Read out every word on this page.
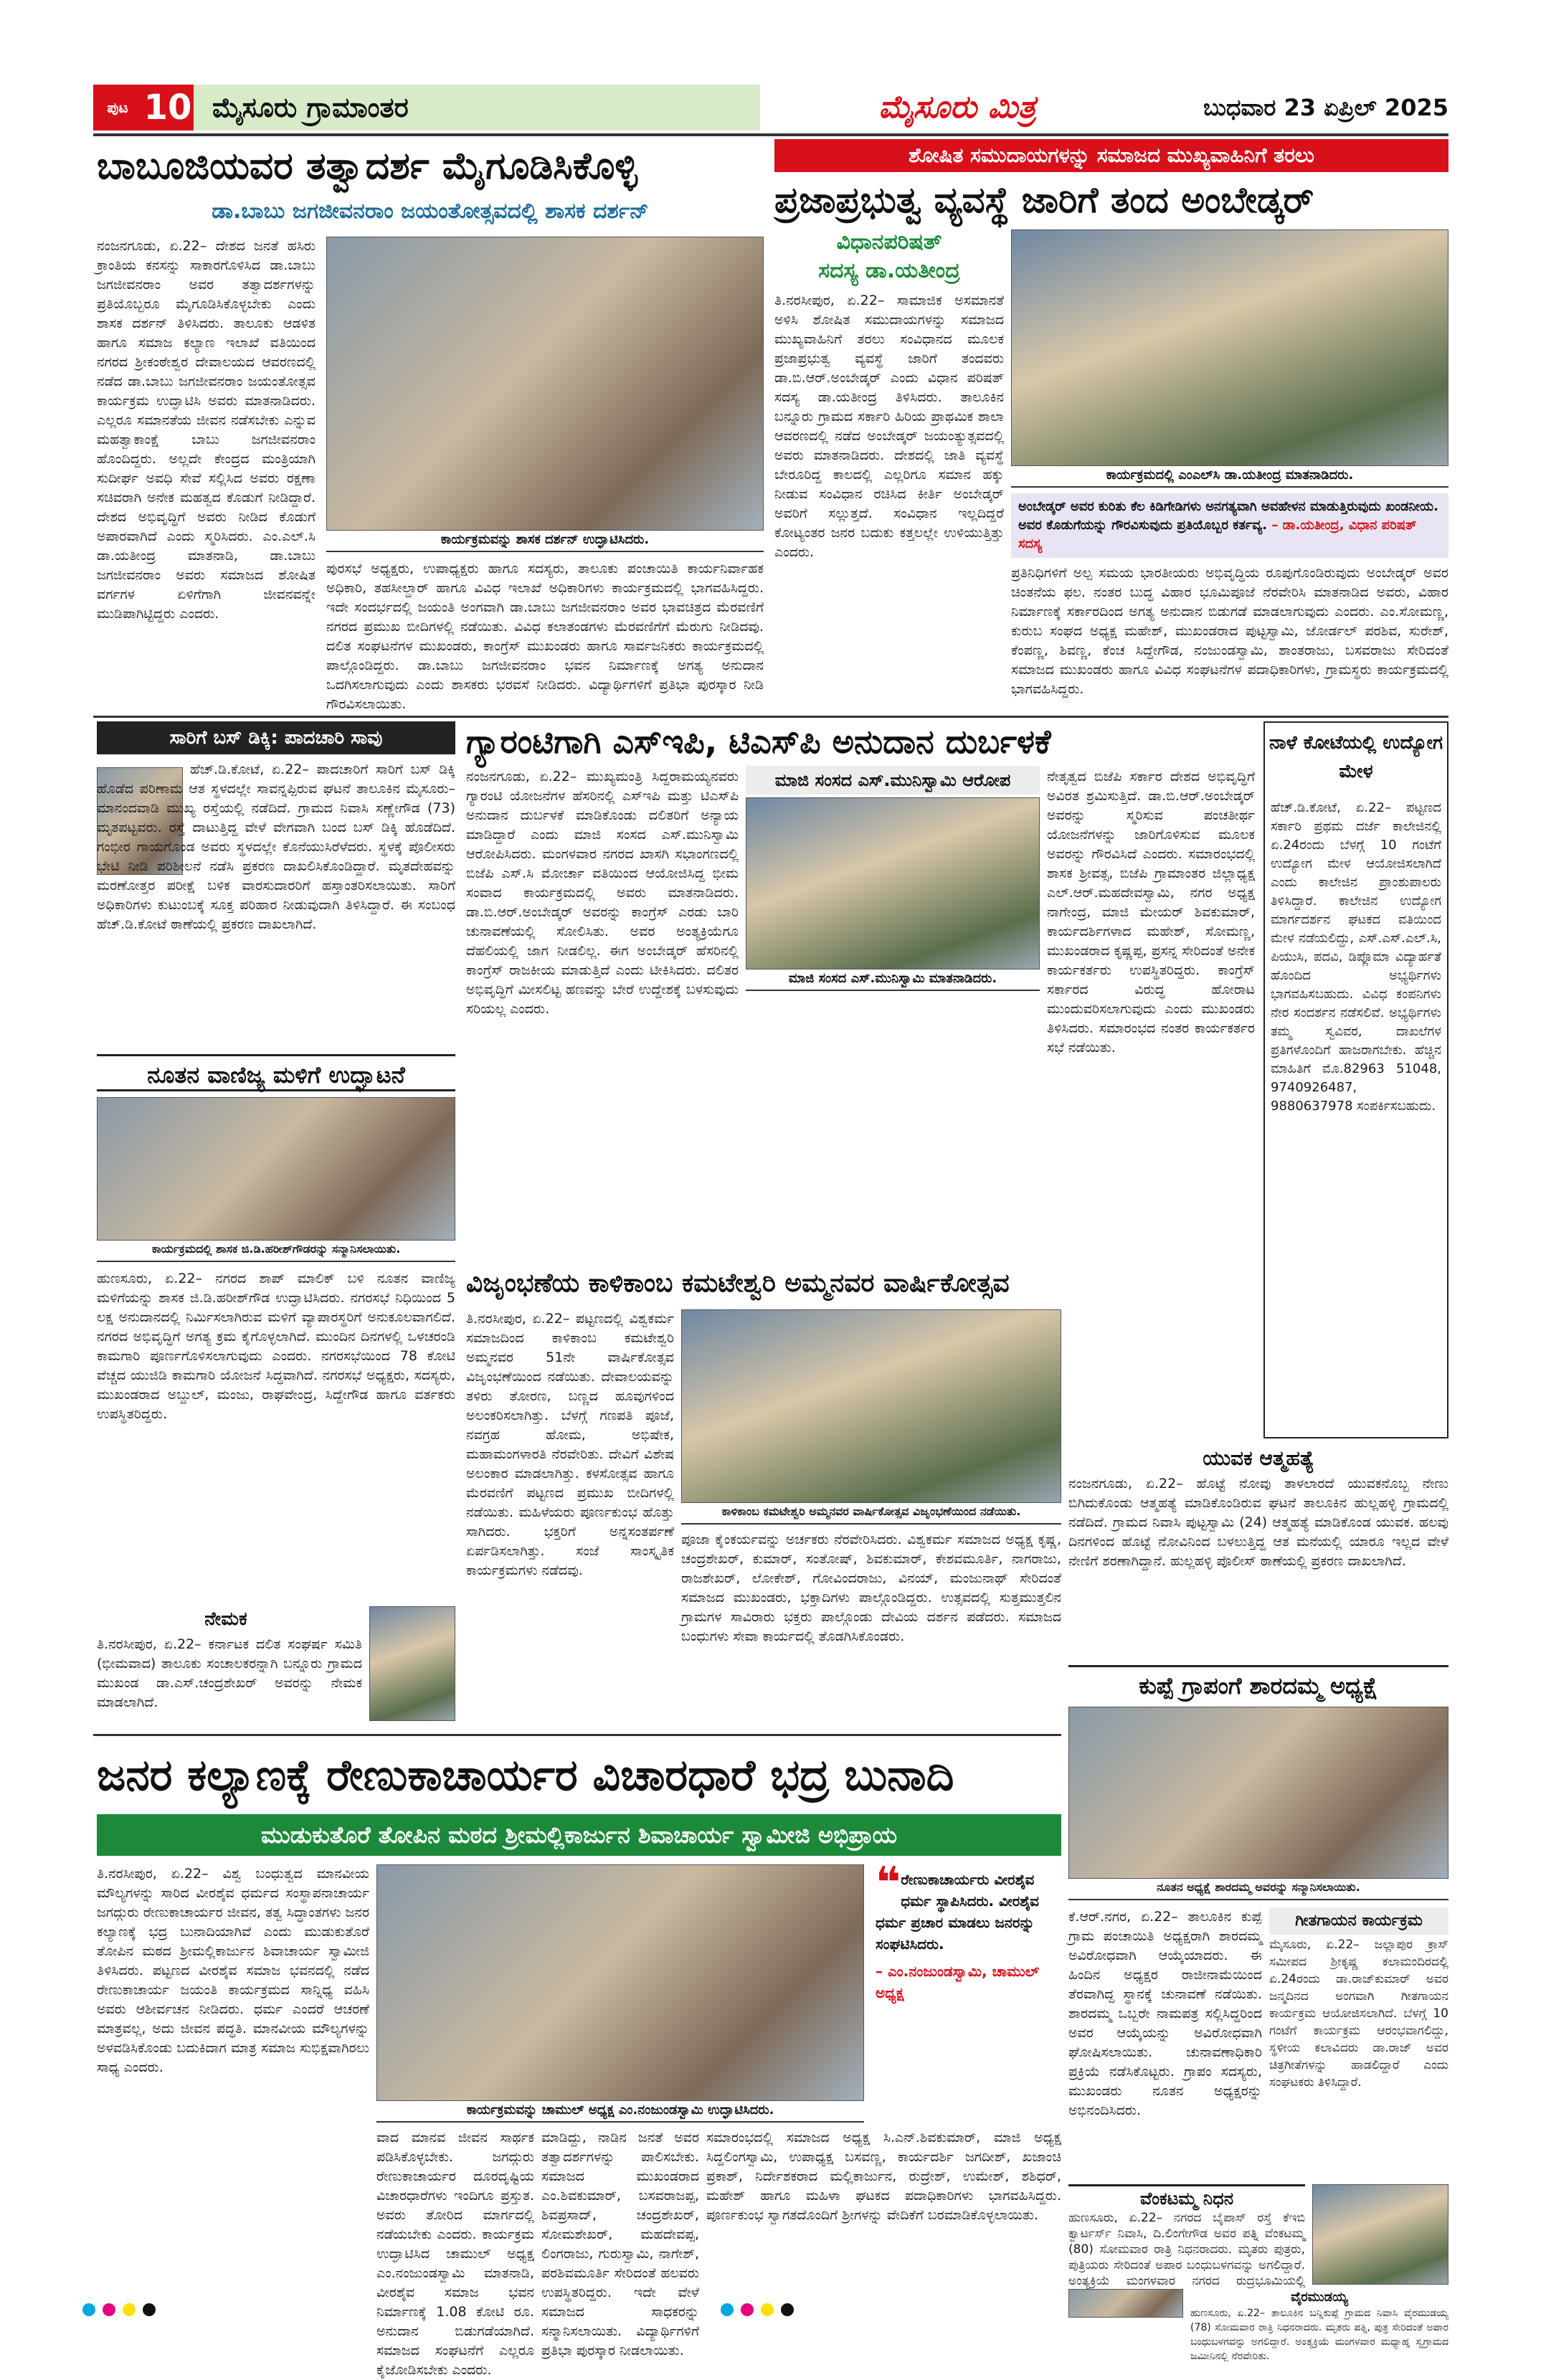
ಪುಟ 10 ಮೈಸೂರು ಗ್ರಾಮಾಂತರ	ಮೈಸೂರು ಮಿತ್ರ	ಬುಧವಾರ 23 ಏಪ್ರಿಲ್ 2025
ಬಾಬೂಜಿಯವರ ತತ್ವಾದರ್ಶ ಮೈಗೂಡಿಸಿಕೊಳ್ಳಿ
ಡಾ.ಬಾಬು ಜಗಜೀವನರಾಂ ಜಯಂತೋತ್ಸವದಲ್ಲಿ ಶಾಸಕ ದರ್ಶನ್
ನಂಜನಗೂಡು, ಏ.22– ದೇಶದ ಜನತೆ ಹಸಿರು ಕ್ರಾಂತಿಯ ಕನಸನ್ನು ಸಾಕಾರಗೊಳಿಸಿದ ಡಾ.ಬಾಬು ಜಗಜೀವನರಾಂ ಅವರ ತತ್ವಾದರ್ಶಗಳನ್ನು ಪ್ರತಿಯೊಬ್ಬರೂ ಮೈಗೂಡಿಸಿಕೊಳ್ಳಬೇಕು ಎಂದು ಶಾಸಕ ದರ್ಶನ್ ತಿಳಿಸಿದರು. ತಾಲೂಕು ಆಡಳಿತ ಹಾಗೂ ಸಮಾಜ ಕಲ್ಯಾಣ ಇಲಾಖೆ ವತಿಯಿಂದ ನಗರದ ಶ್ರೀಕಂಠೇಶ್ವರ ದೇವಾಲಯದ ಆವರಣದಲ್ಲಿ ನಡೆದ ಡಾ.ಬಾಬು ಜಗಜೀವನರಾಂ ಜಯಂತೋತ್ಸವ ಕಾರ್ಯಕ್ರಮ ಉದ್ಘಾಟಿಸಿ ಅವರು ಮಾತನಾಡಿದರು. ಎಲ್ಲರೂ ಸಮಾನತೆಯ ಜೀವನ ನಡೆಸಬೇಕು ಎನ್ನುವ ಮಹತ್ವಾಕಾಂಕ್ಷೆ ಬಾಬು ಜಗಜೀವನರಾಂ ಹೊಂದಿದ್ದರು. ಅಲ್ಲದೇ ಕೇಂದ್ರದ ಮಂತ್ರಿಯಾಗಿ ಸುದೀರ್ಘ ಅವಧಿ ಸೇವೆ ಸಲ್ಲಿಸಿದ ಅವರು ರಕ್ಷಣಾ ಸಚಿವರಾಗಿ ಅನೇಕ ಮಹತ್ವದ ಕೊಡುಗೆ ನೀಡಿದ್ದಾರೆ. ದೇಶದ ಅಭಿವೃದ್ಧಿಗೆ ಅವರು ನೀಡಿದ ಕೊಡುಗೆ ಅಪಾರವಾಗಿದೆ ಎಂದು ಸ್ಮರಿಸಿದರು. ಎಂ.ಎಲ್.ಸಿ ಡಾ.ಯತೀಂದ್ರ ಮಾತನಾಡಿ, ಡಾ.ಬಾಬು ಜಗಜೀವನರಾಂ ಅವರು ಸಮಾಜದ ಶೋಷಿತ ವರ್ಗಗಳ ಏಳಿಗೆಗಾಗಿ ಜೀವನವನ್ನೇ ಮುಡಿಪಾಗಿಟ್ಟಿದ್ದರು ಎಂದರು.
ಕಾರ್ಯಕ್ರಮವನ್ನು ಶಾಸಕ ದರ್ಶನ್ ಉದ್ಘಾಟಿಸಿದರು.
ಪುರಸಭೆ ಅಧ್ಯಕ್ಷರು, ಉಪಾಧ್ಯಕ್ಷರು ಹಾಗೂ ಸದಸ್ಯರು, ತಾಲೂಕು ಪಂಚಾಯಿತಿ ಕಾರ್ಯನಿರ್ವಾಹಕ ಅಧಿಕಾರಿ, ತಹಸೀಲ್ದಾರ್ ಹಾಗೂ ವಿವಿಧ ಇಲಾಖೆ ಅಧಿಕಾರಿಗಳು ಕಾರ್ಯಕ್ರಮದಲ್ಲಿ ಭಾಗವಹಿಸಿದ್ದರು. ಇದೇ ಸಂದರ್ಭದಲ್ಲಿ ಜಯಂತಿ ಅಂಗವಾಗಿ ಡಾ.ಬಾಬು ಜಗಜೀವನರಾಂ ಅವರ ಭಾವಚಿತ್ರದ ಮೆರವಣಿಗೆ ನಗರದ ಪ್ರಮುಖ ಬೀದಿಗಳಲ್ಲಿ ನಡೆಯಿತು. ವಿವಿಧ ಕಲಾತಂಡಗಳು ಮೆರವಣಿಗೆಗೆ ಮೆರುಗು ನೀಡಿದವು. ದಲಿತ ಸಂಘಟನೆಗಳ ಮುಖಂಡರು, ಕಾಂಗ್ರೆಸ್ ಮುಖಂಡರು ಹಾಗೂ ಸಾರ್ವಜನಿಕರು ಕಾರ್ಯಕ್ರಮದಲ್ಲಿ ಪಾಲ್ಗೊಂಡಿದ್ದರು. ಡಾ.ಬಾಬು ಜಗಜೀವನರಾಂ ಭವನ ನಿರ್ಮಾಣಕ್ಕೆ ಅಗತ್ಯ ಅನುದಾನ ಒದಗಿಸಲಾಗುವುದು ಎಂದು ಶಾಸಕರು ಭರವಸೆ ನೀಡಿದರು. ವಿದ್ಯಾರ್ಥಿಗಳಿಗೆ ಪ್ರತಿಭಾ ಪುರಸ್ಕಾರ ನೀಡಿ ಗೌರವಿಸಲಾಯಿತು.
ಶೋಷಿತ ಸಮುದಾಯಗಳನ್ನು ಸಮಾಜದ ಮುಖ್ಯವಾಹಿನಿಗೆ ತರಲು
ಪ್ರಜಾಪ್ರಭುತ್ವ ವ್ಯವಸ್ಥೆ ಜಾರಿಗೆ ತಂದ ಅಂಬೇಡ್ಕರ್
ವಿಧಾನಪರಿಷತ್
ಸದಸ್ಯ ಡಾ.ಯತೀಂದ್ರ
ಕಾರ್ಯಕ್ರಮದಲ್ಲಿ ಎಂಎಲ್‌ಸಿ ಡಾ.ಯತೀಂದ್ರ ಮಾತನಾಡಿದರು.
ತಿ.ನರಸೀಪುರ, ಏ.22– ಸಾಮಾಜಿಕ ಅಸಮಾನತೆ ಅಳಿಸಿ ಶೋಷಿತ ಸಮುದಾಯಗಳನ್ನು ಸಮಾಜದ ಮುಖ್ಯವಾಹಿನಿಗೆ ತರಲು ಸಂವಿಧಾನದ ಮೂಲಕ ಪ್ರಜಾಪ್ರಭುತ್ವ ವ್ಯವಸ್ಥೆ ಜಾರಿಗೆ ತಂದವರು ಡಾ.ಬಿ.ಆರ್.ಅಂಬೇಡ್ಕರ್ ಎಂದು ವಿಧಾನ ಪರಿಷತ್ ಸದಸ್ಯ ಡಾ.ಯತೀಂದ್ರ ತಿಳಿಸಿದರು. ತಾಲೂಕಿನ ಬನ್ನೂರು ಗ್ರಾಮದ ಸರ್ಕಾರಿ ಹಿರಿಯ ಪ್ರಾಥಮಿಕ ಶಾಲಾ ಆವರಣದಲ್ಲಿ ನಡೆದ ಅಂಬೇಡ್ಕರ್ ಜಯಂತ್ಯುತ್ಸವದಲ್ಲಿ ಅವರು ಮಾತನಾಡಿದರು. ದೇಶದಲ್ಲಿ ಜಾತಿ ವ್ಯವಸ್ಥೆ ಬೇರೂರಿದ್ದ ಕಾಲದಲ್ಲಿ ಎಲ್ಲರಿಗೂ ಸಮಾನ ಹಕ್ಕು ನೀಡುವ ಸಂವಿಧಾನ ರಚಿಸಿದ ಕೀರ್ತಿ ಅಂಬೇಡ್ಕರ್ ಅವರಿಗೆ ಸಲ್ಲುತ್ತದೆ. ಸಂವಿಧಾನ ಇಲ್ಲದಿದ್ದರೆ ಕೋಟ್ಯಂತರ ಜನರ ಬದುಕು ಕತ್ತಲಲ್ಲೇ ಉಳಿಯುತ್ತಿತ್ತು ಎಂದರು.
ಅಂಬೇಡ್ಕರ್ ಅವರ ಕುರಿತು ಕೆಲ ಕಿಡಿಗೇಡಿಗಳು ಅನಗತ್ಯವಾಗಿ ಅವಹೇಳನ ಮಾಡುತ್ತಿರುವುದು ಖಂಡನೀಯ. ಅವರ ಕೊಡುಗೆಯನ್ನು ಗೌರವಿಸುವುದು ಪ್ರತಿಯೊಬ್ಬರ ಕರ್ತವ್ಯ. – ಡಾ.ಯತೀಂದ್ರ, ವಿಧಾನ ಪರಿಷತ್ ಸದಸ್ಯ
ಪ್ರತಿನಿಧಿಗಳಿಗೆ ಅಲ್ಪ ಸಮಯ ಭಾರತೀಯರು ಅಭಿವೃದ್ಧಿಯ ರೂಪುಗೊಂಡಿರುವುದು ಅಂಬೇಡ್ಕರ್ ಅವರ ಚಿಂತನೆಯ ಫಲ. ನಂತರ ಬುದ್ಧ ವಿಹಾರ ಭೂಮಿಪೂಜೆ ನೆರವೇರಿಸಿ ಮಾತನಾಡಿದ ಅವರು, ವಿಹಾರ ನಿರ್ಮಾಣಕ್ಕೆ ಸರ್ಕಾರದಿಂದ ಅಗತ್ಯ ಅನುದಾನ ಬಿಡುಗಡೆ ಮಾಡಲಾಗುವುದು ಎಂದರು. ಎಂ.ಸೋಮಣ್ಣ, ಕುರುಬ ಸಂಘದ ಅಧ್ಯಕ್ಷ ಮಹೇಶ್, ಮುಖಂಡರಾದ ಪುಟ್ಟಸ್ವಾಮಿ, ಜೋರ್ಡಲ್ ಪರಶಿವ, ಸುರೇಶ್, ಕೆಂಪಣ್ಣ, ಶಿವಣ್ಣ, ಕೆಂಚ ಸಿದ್ದೇಗೌಡ, ನಂಜುಂಡಸ್ವಾಮಿ, ಶಾಂತರಾಜು, ಬಸವರಾಜು ಸೇರಿದಂತೆ ಸಮಾಜದ ಮುಖಂಡರು ಹಾಗೂ ವಿವಿಧ ಸಂಘಟನೆಗಳ ಪದಾಧಿಕಾರಿಗಳು, ಗ್ರಾಮಸ್ಥರು ಕಾರ್ಯಕ್ರಮದಲ್ಲಿ ಭಾಗವಹಿಸಿದ್ದರು.
ಸಾರಿಗೆ ಬಸ್ ಡಿಕ್ಕಿ: ಪಾದಚಾರಿ ಸಾವು
ಹೆಚ್.ಡಿ.ಕೋಟೆ, ಏ.22– ಪಾದಚಾರಿಗೆ ಸಾರಿಗೆ ಬಸ್ ಡಿಕ್ಕಿ ಹೊಡೆದ ಪರಿಣಾಮ ಆತ ಸ್ಥಳದಲ್ಲೇ ಸಾವನ್ನಪ್ಪಿರುವ ಘಟನೆ ತಾಲೂಕಿನ ಮೈಸೂರು–ಮಾನಂದವಾಡಿ ಮುಖ್ಯ ರಸ್ತೆಯಲ್ಲಿ ನಡೆದಿದೆ. ಗ್ರಾಮದ ನಿವಾಸಿ ಸಣ್ಣೇಗೌಡ (73) ಮೃತಪಟ್ಟವರು. ರಸ್ತೆ ದಾಟುತ್ತಿದ್ದ ವೇಳೆ ವೇಗವಾಗಿ ಬಂದ ಬಸ್ ಡಿಕ್ಕಿ ಹೊಡೆದಿದೆ. ಗಂಭೀರ ಗಾಯಗೊಂಡ ಅವರು ಸ್ಥಳದಲ್ಲೇ ಕೊನೆಯುಸಿರೆಳೆದರು. ಸ್ಥಳಕ್ಕೆ ಪೊಲೀಸರು ಭೇಟಿ ನೀಡಿ ಪರಿಶೀಲನೆ ನಡೆಸಿ ಪ್ರಕರಣ ದಾಖಲಿಸಿಕೊಂಡಿದ್ದಾರೆ. ಮೃತದೇಹವನ್ನು ಮರಣೋತ್ತರ ಪರೀಕ್ಷೆ ಬಳಿಕ ವಾರಸುದಾರರಿಗೆ ಹಸ್ತಾಂತರಿಸಲಾಯಿತು. ಸಾರಿಗೆ ಅಧಿಕಾರಿಗಳು ಕುಟುಂಬಕ್ಕೆ ಸೂಕ್ತ ಪರಿಹಾರ ನೀಡುವುದಾಗಿ ತಿಳಿಸಿದ್ದಾರೆ. ಈ ಸಂಬಂಧ ಹೆಚ್.ಡಿ.ಕೋಟೆ ಠಾಣೆಯಲ್ಲಿ ಪ್ರಕರಣ ದಾಖಲಾಗಿದೆ.
ಗ್ಯಾರಂಟಿಗಾಗಿ ಎಸ್‌ಇಪಿ, ಟಿಎಸ್‌ಪಿ ಅನುದಾನ ದುರ್ಬಳಕೆ
ಮಾಜಿ ಸಂಸದ ಎಸ್.ಮುನಿಸ್ವಾಮಿ ಆರೋಪ
ನಂಜನಗೂಡು, ಏ.22– ಮುಖ್ಯಮಂತ್ರಿ ಸಿದ್ದರಾಮಯ್ಯನವರು ಗ್ಯಾರಂಟಿ ಯೋಜನೆಗಳ ಹೆಸರಿನಲ್ಲಿ ಎಸ್‌ಇಪಿ ಮತ್ತು ಟಿಎಸ್‌ಪಿ ಅನುದಾನ ದುರ್ಬಳಕೆ ಮಾಡಿಕೊಂಡು ದಲಿತರಿಗೆ ಅನ್ಯಾಯ ಮಾಡಿದ್ದಾರೆ ಎಂದು ಮಾಜಿ ಸಂಸದ ಎಸ್.ಮುನಿಸ್ವಾಮಿ ಆರೋಪಿಸಿದರು. ಮಂಗಳವಾರ ನಗರದ ಖಾಸಗಿ ಸಭಾಂಗಣದಲ್ಲಿ ಬಿಜೆಪಿ ಎಸ್.ಸಿ ಮೋರ್ಚಾ ವತಿಯಿಂದ ಆಯೋಜಿಸಿದ್ದ ಭೀಮ ಸಂವಾದ ಕಾರ್ಯಕ್ರಮದಲ್ಲಿ ಅವರು ಮಾತನಾಡಿದರು. ಡಾ.ಬಿ.ಆರ್.ಅಂಬೇಡ್ಕರ್ ಅವರನ್ನು ಕಾಂಗ್ರೆಸ್ ಎರಡು ಬಾರಿ ಚುನಾವಣೆಯಲ್ಲಿ ಸೋಲಿಸಿತು. ಅವರ ಅಂತ್ಯಕ್ರಿಯೆಗೂ ದೆಹಲಿಯಲ್ಲಿ ಜಾಗ ನೀಡಲಿಲ್ಲ. ಈಗ ಅಂಬೇಡ್ಕರ್ ಹೆಸರಿನಲ್ಲಿ ಕಾಂಗ್ರೆಸ್ ರಾಜಕೀಯ ಮಾಡುತ್ತಿದೆ ಎಂದು ಟೀಕಿಸಿದರು. ದಲಿತರ ಅಭಿವೃದ್ಧಿಗೆ ಮೀಸಲಿಟ್ಟ ಹಣವನ್ನು ಬೇರೆ ಉದ್ದೇಶಕ್ಕೆ ಬಳಸುವುದು ಸರಿಯಲ್ಲ ಎಂದರು.
ಮಾಜಿ ಸಂಸದ ಎಸ್.ಮುನಿಸ್ವಾಮಿ ಮಾತನಾಡಿದರು.
ನೇತೃತ್ವದ ಬಿಜೆಪಿ ಸರ್ಕಾರ ದೇಶದ ಅಭಿವೃದ್ಧಿಗೆ ಅವಿರತ ಶ್ರಮಿಸುತ್ತಿದೆ. ಡಾ.ಬಿ.ಆರ್.ಅಂಬೇಡ್ಕರ್ ಅವರನ್ನು ಸ್ಮರಿಸುವ ಪಂಚತೀರ್ಥ ಯೋಜನೆಗಳನ್ನು ಜಾರಿಗೊಳಿಸುವ ಮೂಲಕ ಅವರನ್ನು ಗೌರವಿಸಿದೆ ಎಂದರು. ಸಮಾರಂಭದಲ್ಲಿ ಶಾಸಕ ಶ್ರೀವತ್ಸ, ಬಿಜೆಪಿ ಗ್ರಾಮಾಂತರ ಜಿಲ್ಲಾಧ್ಯಕ್ಷ ಎಲ್.ಆರ್.ಮಹದೇವಸ್ವಾಮಿ, ನಗರ ಅಧ್ಯಕ್ಷ ನಾಗೇಂದ್ರ, ಮಾಜಿ ಮೇಯರ್ ಶಿವಕುಮಾರ್, ಕಾರ್ಯದರ್ಶಿಗಳಾದ ಮಹೇಶ್, ಸೋಮಣ್ಣ, ಮುಖಂಡರಾದ ಕೃಷ್ಣಪ್ಪ, ಪ್ರಸನ್ನ ಸೇರಿದಂತೆ ಅನೇಕ ಕಾರ್ಯಕರ್ತರು ಉಪಸ್ಥಿತರಿದ್ದರು. ಕಾಂಗ್ರೆಸ್ ಸರ್ಕಾರದ ವಿರುದ್ಧ ಹೋರಾಟ ಮುಂದುವರಿಸಲಾಗುವುದು ಎಂದು ಮುಖಂಡರು ತಿಳಿಸಿದರು. ಸಮಾರಂಭದ ನಂತರ ಕಾರ್ಯಕರ್ತರ ಸಭೆ ನಡೆಯಿತು.
ನಾಳೆ ಕೋಟೆಯಲ್ಲಿ ಉದ್ಯೋಗ ಮೇಳ
ಹೆಚ್.ಡಿ.ಕೋಟೆ, ಏ.22– ಪಟ್ಟಣದ ಸರ್ಕಾರಿ ಪ್ರಥಮ ದರ್ಜೆ ಕಾಲೇಜಿನಲ್ಲಿ ಏ.24ರಂದು ಬೆಳಗ್ಗೆ 10 ಗಂಟೆಗೆ ಉದ್ಯೋಗ ಮೇಳ ಆಯೋಜಿಸಲಾಗಿದೆ ಎಂದು ಕಾಲೇಜಿನ ಪ್ರಾಂಶುಪಾಲರು ತಿಳಿಸಿದ್ದಾರೆ. ಕಾಲೇಜಿನ ಉದ್ಯೋಗ ಮಾರ್ಗದರ್ಶನ ಘಟಕದ ವತಿಯಿಂದ ಮೇಳ ನಡೆಯಲಿದ್ದು, ಎಸ್.ಎಸ್.ಎಲ್.ಸಿ, ಪಿಯುಸಿ, ಪದವಿ, ಡಿಪ್ಲೊಮಾ ವಿದ್ಯಾರ್ಹತೆ ಹೊಂದಿದ ಅಭ್ಯರ್ಥಿಗಳು ಭಾಗವಹಿಸಬಹುದು. ವಿವಿಧ ಕಂಪನಿಗಳು ನೇರ ಸಂದರ್ಶನ ನಡೆಸಲಿವೆ. ಅಭ್ಯರ್ಥಿಗಳು ತಮ್ಮ ಸ್ವವಿವರ, ದಾಖಲೆಗಳ ಪ್ರತಿಗಳೊಂದಿಗೆ ಹಾಜರಾಗಬೇಕು. ಹೆಚ್ಚಿನ ಮಾಹಿತಿಗೆ ಮೊ.82963 51048, 9740926487, 9880637978 ಸಂಪರ್ಕಿಸಬಹುದು.
ನೂತನ ವಾಣಿಜ್ಯ ಮಳಿಗೆ ಉದ್ಘಾಟನೆ
ಕಾರ್ಯಕ್ರಮದಲ್ಲಿ ಶಾಸಕ ಜಿ.ಡಿ.ಹರೀಶ್‌ಗೌಡರನ್ನು ಸನ್ಮಾನಿಸಲಾಯಿತು.
ಹುಣಸೂರು, ಏ.22– ನಗರದ ಶಾಪ್ ಮಾಲಿಕ್ ಬಳಿ ನೂತನ ವಾಣಿಜ್ಯ ಮಳಿಗೆಯನ್ನು ಶಾಸಕ ಜಿ.ಡಿ.ಹರೀಶ್‌ಗೌಡ ಉದ್ಘಾಟಿಸಿದರು. ನಗರಸಭೆ ನಿಧಿಯಿಂದ 5 ಲಕ್ಷ ಅನುದಾನದಲ್ಲಿ ನಿರ್ಮಿಸಲಾಗಿರುವ ಮಳಿಗೆ ವ್ಯಾಪಾರಸ್ಥರಿಗೆ ಅನುಕೂಲವಾಗಲಿದೆ. ನಗರದ ಅಭಿವೃದ್ಧಿಗೆ ಅಗತ್ಯ ಕ್ರಮ ಕೈಗೊಳ್ಳಲಾಗಿದೆ. ಮುಂದಿನ ದಿನಗಳಲ್ಲಿ ಒಳಚರಂಡಿ ಕಾಮಗಾರಿ ಪೂರ್ಣಗೊಳಿಸಲಾಗುವುದು ಎಂದರು. ನಗರಸಭೆಯಿಂದ 78 ಕೋಟಿ ವೆಚ್ಚದ ಯುಜಿಡಿ ಕಾಮಗಾರಿ ಯೋಜನೆ ಸಿದ್ಧವಾಗಿದೆ. ನಗರಸಭೆ ಅಧ್ಯಕ್ಷರು, ಸದಸ್ಯರು, ಮುಖಂಡರಾದ ಅಬ್ದುಲ್, ಮಂಜು, ರಾಘವೇಂದ್ರ, ಸಿದ್ದೇಗೌಡ ಹಾಗೂ ವರ್ತಕರು ಉಪಸ್ಥಿತರಿದ್ದರು.
ನೇಮಕ
ತಿ.ನರಸೀಪುರ, ಏ.22– ಕರ್ನಾಟಕ ದಲಿತ ಸಂಘರ್ಷ ಸಮಿತಿ (ಭೀಮವಾದ) ತಾಲೂಕು ಸಂಚಾಲಕರನ್ನಾಗಿ ಬನ್ನೂರು ಗ್ರಾಮದ ಮುಖಂಡ ಡಾ.ಎಸ್.ಚಂದ್ರಶೇಖರ್ ಅವರನ್ನು ನೇಮಕ ಮಾಡಲಾಗಿದೆ.
ವಿಜೃಂಭಣೆಯ ಕಾಳಿಕಾಂಬ ಕಮಟೇಶ್ವರಿ ಅಮ್ಮನವರ ವಾರ್ಷಿಕೋತ್ಸವ
ತಿ.ನರಸೀಪುರ, ಏ.22– ಪಟ್ಟಣದಲ್ಲಿ ವಿಶ್ವಕರ್ಮ ಸಮಾಜದಿಂದ ಕಾಳಿಕಾಂಬ ಕಮಟೇಶ್ವರಿ ಅಮ್ಮನವರ 51ನೇ ವಾರ್ಷಿಕೋತ್ಸವ ವಿಜೃಂಭಣೆಯಿಂದ ನಡೆಯಿತು. ದೇವಾಲಯವನ್ನು ತಳಿರು ತೋರಣ, ಬಣ್ಣದ ಹೂವುಗಳಿಂದ ಅಲಂಕರಿಸಲಾಗಿತ್ತು. ಬೆಳಗ್ಗೆ ಗಣಪತಿ ಪೂಜೆ, ನವಗ್ರಹ ಹೋಮ, ಅಭಿಷೇಕ, ಮಹಾಮಂಗಳಾರತಿ ನೆರವೇರಿತು. ದೇವಿಗೆ ವಿಶೇಷ ಅಲಂಕಾರ ಮಾಡಲಾಗಿತ್ತು. ಕಳಸೋತ್ಸವ ಹಾಗೂ ಮೆರವಣಿಗೆ ಪಟ್ಟಣದ ಪ್ರಮುಖ ಬೀದಿಗಳಲ್ಲಿ ನಡೆಯಿತು. ಮಹಿಳೆಯರು ಪೂರ್ಣಕುಂಭ ಹೊತ್ತು ಸಾಗಿದರು. ಭಕ್ತರಿಗೆ ಅನ್ನಸಂತರ್ಪಣೆ ಏರ್ಪಡಿಸಲಾಗಿತ್ತು. ಸಂಜೆ ಸಾಂಸ್ಕೃತಿಕ ಕಾರ್ಯಕ್ರಮಗಳು ನಡೆದವು.
ಕಾಳಿಕಾಂಬ ಕಮಟೇಶ್ವರಿ ಅಮ್ಮನವರ ವಾರ್ಷಿಕೋತ್ಸವ ವಿಜೃಂಭಣೆಯಿಂದ ನಡೆಯಿತು.
ಪೂಜಾ ಕೈಂಕರ್ಯವನ್ನು ಅರ್ಚಕರು ನೆರವೇರಿಸಿದರು. ವಿಶ್ವಕರ್ಮ ಸಮಾಜದ ಅಧ್ಯಕ್ಷ ಕೃಷ್ಣ, ಚಂದ್ರಶೇಖರ್, ಕುಮಾರ್, ಸಂತೋಷ್, ಶಿವಕುಮಾರ್, ಕೇಶವಮೂರ್ತಿ, ನಾಗರಾಜು, ರಾಜಶೇಖರ್, ಲೋಕೇಶ್, ಗೋವಿಂದರಾಜು, ವಿನಯ್, ಮಂಜುನಾಥ್ ಸೇರಿದಂತೆ ಸಮಾಜದ ಮುಖಂಡರು, ಭಕ್ತಾದಿಗಳು ಪಾಲ್ಗೊಂಡಿದ್ದರು. ಉತ್ಸವದಲ್ಲಿ ಸುತ್ತಮುತ್ತಲಿನ ಗ್ರಾಮಗಳ ಸಾವಿರಾರು ಭಕ್ತರು ಪಾಲ್ಗೊಂಡು ದೇವಿಯ ದರ್ಶನ ಪಡೆದರು. ಸಮಾಜದ ಬಂಧುಗಳು ಸೇವಾ ಕಾರ್ಯದಲ್ಲಿ ತೊಡಗಿಸಿಕೊಂಡರು.
ಯುವಕ ಆತ್ಮಹತ್ಯೆ
ನಂಜನಗೂಡು, ಏ.22– ಹೊಟ್ಟೆ ನೋವು ತಾಳಲಾರದೆ ಯುವಕನೊಬ್ಬ ನೇಣು ಬಿಗಿದುಕೊಂಡು ಆತ್ಮಹತ್ಯೆ ಮಾಡಿಕೊಂಡಿರುವ ಘಟನೆ ತಾಲೂಕಿನ ಹುಲ್ಲಹಳ್ಳಿ ಗ್ರಾಮದಲ್ಲಿ ನಡೆದಿದೆ. ಗ್ರಾಮದ ನಿವಾಸಿ ಪುಟ್ಟಸ್ವಾಮಿ (24) ಆತ್ಮಹತ್ಯೆ ಮಾಡಿಕೊಂಡ ಯುವಕ. ಹಲವು ದಿನಗಳಿಂದ ಹೊಟ್ಟೆ ನೋವಿನಿಂದ ಬಳಲುತ್ತಿದ್ದ ಆತ ಮನೆಯಲ್ಲಿ ಯಾರೂ ಇಲ್ಲದ ವೇಳೆ ನೇಣಿಗೆ ಶರಣಾಗಿದ್ದಾನೆ. ಹುಲ್ಲಹಳ್ಳಿ ಪೊಲೀಸ್ ಠಾಣೆಯಲ್ಲಿ ಪ್ರಕರಣ ದಾಖಲಾಗಿದೆ.
ಕುಪ್ಪೆ ಗ್ರಾಪಂಗೆ ಶಾರದಮ್ಮ ಅಧ್ಯಕ್ಷೆ
ನೂತನ ಅಧ್ಯಕ್ಷೆ ಶಾರದಮ್ಮ ಅವರನ್ನು ಸನ್ಮಾನಿಸಲಾಯಿತು.
ಕೆ.ಆರ್.ನಗರ, ಏ.22– ತಾಲೂಕಿನ ಕುಪ್ಪೆ ಗ್ರಾಮ ಪಂಚಾಯಿತಿ ಅಧ್ಯಕ್ಷರಾಗಿ ಶಾರದಮ್ಮ ಅವಿರೋಧವಾಗಿ ಆಯ್ಕೆಯಾದರು. ಈ ಹಿಂದಿನ ಅಧ್ಯಕ್ಷರ ರಾಜೀನಾಮೆಯಿಂದ ತೆರವಾಗಿದ್ದ ಸ್ಥಾನಕ್ಕೆ ಚುನಾವಣೆ ನಡೆಯಿತು. ಶಾರದಮ್ಮ ಒಬ್ಬರೇ ನಾಮಪತ್ರ ಸಲ್ಲಿಸಿದ್ದರಿಂದ ಅವರ ಆಯ್ಕೆಯನ್ನು ಅವಿರೋಧವಾಗಿ ಘೋಷಿಸಲಾಯಿತು. ಚುನಾವಣಾಧಿಕಾರಿ ಪ್ರಕ್ರಿಯೆ ನಡೆಸಿಕೊಟ್ಟರು. ಗ್ರಾಪಂ ಸದಸ್ಯರು, ಮುಖಂಡರು ನೂತನ ಅಧ್ಯಕ್ಷರನ್ನು ಅಭಿನಂದಿಸಿದರು.
ಜನರ ಕಲ್ಯಾಣಕ್ಕೆ ರೇಣುಕಾಚಾರ್ಯರ ವಿಚಾರಧಾರೆ ಭದ್ರ ಬುನಾದಿ
ಮುಡುಕುತೊರೆ ತೋಪಿನ ಮಠದ ಶ್ರೀಮಲ್ಲಿಕಾರ್ಜುನ ಶಿವಾಚಾರ್ಯ ಸ್ವಾಮೀಜಿ ಅಭಿಪ್ರಾಯ
ತಿ.ನರಸೀಪುರ, ಏ.22– ವಿಶ್ವ ಬಂಧುತ್ವದ ಮಾನವೀಯ ಮೌಲ್ಯಗಳನ್ನು ಸಾರಿದ ವೀರಶೈವ ಧರ್ಮದ ಸಂಸ್ಥಾಪನಾಚಾರ್ಯ ಜಗದ್ಗುರು ರೇಣುಕಾಚಾರ್ಯರ ಜೀವನ, ತತ್ವ ಸಿದ್ಧಾಂತಗಳು ಜನರ ಕಲ್ಯಾಣಕ್ಕೆ ಭದ್ರ ಬುನಾದಿಯಾಗಿವೆ ಎಂದು ಮುಡುಕುತೊರೆ ತೋಪಿನ ಮಠದ ಶ್ರೀಮಲ್ಲಿಕಾರ್ಜುನ ಶಿವಾಚಾರ್ಯ ಸ್ವಾಮೀಜಿ ತಿಳಿಸಿದರು. ಪಟ್ಟಣದ ವೀರಶೈವ ಸಮಾಜ ಭವನದಲ್ಲಿ ನಡೆದ ರೇಣುಕಾಚಾರ್ಯ ಜಯಂತಿ ಕಾರ್ಯಕ್ರಮದ ಸಾನ್ನಿಧ್ಯ ವಹಿಸಿ ಅವರು ಆಶೀರ್ವಚನ ನೀಡಿದರು. ಧರ್ಮ ಎಂದರೆ ಆಚರಣೆ ಮಾತ್ರವಲ್ಲ, ಅದು ಜೀವನ ಪದ್ಧತಿ. ಮಾನವೀಯ ಮೌಲ್ಯಗಳನ್ನು ಅಳವಡಿಸಿಕೊಂಡು ಬದುಕಿದಾಗ ಮಾತ್ರ ಸಮಾಜ ಸುಭಿಕ್ಷವಾಗಿರಲು ಸಾಧ್ಯ ಎಂದರು.
ಕಾರ್ಯಕ್ರಮವನ್ನು ಚಾಮುಲ್ ಅಧ್ಯಕ್ಷ ಎಂ.ನಂಜುಂಡಸ್ವಾಮಿ ಉದ್ಘಾಟಿಸಿದರು.
❝ ರೇಣುಕಾಚಾರ್ಯರು ವೀರಶೈವ ಧರ್ಮ ಸ್ಥಾಪಿಸಿದರು. ವೀರಶೈವ ಧರ್ಮ ಪ್ರಚಾರ ಮಾಡಲು ಜನರನ್ನು ಸಂಘಟಿಸಿದರು.
– ಎಂ.ನಂಜುಂಡಸ್ವಾಮಿ, ಚಾಮುಲ್ ಅಧ್ಯಕ್ಷ
ವಾದ ಮಾನವ ಜೀವನ ಸಾರ್ಥಕ ಪಡಿಸಿಕೊಳ್ಳಬೇಕು. ಜಗದ್ಗುರು ರೇಣುಕಾಚಾರ್ಯರ ದೂರದೃಷ್ಟಿಯ ವಿಚಾರಧಾರೆಗಳು ಇಂದಿಗೂ ಪ್ರಸ್ತುತ. ಅವರು ತೋರಿದ ಮಾರ್ಗದಲ್ಲಿ ನಡೆಯಬೇಕು ಎಂದರು. ಕಾರ್ಯಕ್ರಮ ಉದ್ಘಾಟಿಸಿದ ಚಾಮುಲ್ ಅಧ್ಯಕ್ಷ ಎಂ.ನಂಜುಂಡಸ್ವಾಮಿ ಮಾತನಾಡಿ, ವೀರಶೈವ ಸಮಾಜ ಭವನ ನಿರ್ಮಾಣಕ್ಕೆ 1.08 ಕೋಟಿ ರೂ. ಅನುದಾನ ಬಿಡುಗಡೆಯಾಗಿದೆ. ಸಮಾಜದ ಸಂಘಟನೆಗೆ ಎಲ್ಲರೂ ಕೈಜೋಡಿಸಬೇಕು ಎಂದರು.
ಮಾಡಿದ್ದು, ನಾಡಿನ ಜನತೆ ಅವರ ತತ್ವಾದರ್ಶಗಳನ್ನು ಪಾಲಿಸಬೇಕು. ಸಮಾಜದ ಮುಖಂಡರಾದ ಎಂ.ಶಿವಕುಮಾರ್, ಬಸವರಾಜಪ್ಪ, ಶಿವಪ್ರಸಾದ್, ಚಂದ್ರಶೇಖರ್, ಸೋಮಶೇಖರ್, ಮಹದೇವಪ್ಪ, ಲಿಂಗರಾಜು, ಗುರುಸ್ವಾಮಿ, ನಾಗೇಶ್, ಪರಶಿವಮೂರ್ತಿ ಸೇರಿದಂತೆ ಹಲವರು ಉಪಸ್ಥಿತರಿದ್ದರು. ಇದೇ ವೇಳೆ ಸಮಾಜದ ಸಾಧಕರನ್ನು ಸನ್ಮಾನಿಸಲಾಯಿತು. ವಿದ್ಯಾರ್ಥಿಗಳಿಗೆ ಪ್ರತಿಭಾ ಪುರಸ್ಕಾರ ನೀಡಲಾಯಿತು.
ಸಮಾರಂಭದಲ್ಲಿ ಸಮಾಜದ ಅಧ್ಯಕ್ಷ ಸಿ.ಎನ್.ಶಿವಕುಮಾರ್, ಮಾಜಿ ಅಧ್ಯಕ್ಷ ಸಿದ್ದಲಿಂಗಸ್ವಾಮಿ, ಉಪಾಧ್ಯಕ್ಷ ಬಸವಣ್ಣ, ಕಾರ್ಯದರ್ಶಿ ಜಗದೀಶ್, ಖಜಾಂಚಿ ಪ್ರಕಾಶ್, ನಿರ್ದೇಶಕರಾದ ಮಲ್ಲಿಕಾರ್ಜುನ, ರುದ್ರೇಶ್, ಉಮೇಶ್, ಶಶಿಧರ್, ಮಹೇಶ್ ಹಾಗೂ ಮಹಿಳಾ ಘಟಕದ ಪದಾಧಿಕಾರಿಗಳು ಭಾಗವಹಿಸಿದ್ದರು. ಪೂರ್ಣಕುಂಭ ಸ್ವಾಗತದೊಂದಿಗೆ ಶ್ರೀಗಳನ್ನು ವೇದಿಕೆಗೆ ಬರಮಾಡಿಕೊಳ್ಳಲಾಯಿತು.
ವೆಂಕಟಮ್ಮ ನಿಧನ
ಹುಣಸೂರು, ಏ.22– ನಗರದ ಬೈಪಾಸ್ ರಸ್ತೆ ಕೆಇಬಿ ಕ್ವಾರ್ಟರ್ಸ್ ನಿವಾಸಿ, ದಿ.ಲಿಂಗೇಗೌಡ ಅವರ ಪತ್ನಿ ವೆಂಕಟಮ್ಮ (80) ಸೋಮವಾರ ರಾತ್ರಿ ನಿಧನರಾದರು. ಮೃತರು ಪುತ್ರರು, ಪುತ್ರಿಯರು ಸೇರಿದಂತೆ ಅಪಾರ ಬಂಧುಬಳಗವನ್ನು ಅಗಲಿದ್ದಾರೆ. ಅಂತ್ಯಕ್ರಿಯೆ ಮಂಗಳವಾರ ನಗರದ ರುದ್ರಭೂಮಿಯಲ್ಲಿ
ಗೀತಗಾಯನ ಕಾರ್ಯಕ್ರಮ
ಮೈಸೂರು, ಏ.22– ಜಲ್ಲಾಪುರ ಕ್ರಾಸ್ ಸಮೀಪದ ಶ್ರೀಕೃಷ್ಣ ಕಲಾಮಂದಿರದಲ್ಲಿ ಏ.24ರಂದು ಡಾ.ರಾಜ್‌ಕುಮಾರ್ ಅವರ ಜನ್ಮದಿನದ ಅಂಗವಾಗಿ ಗೀತಗಾಯನ ಕಾರ್ಯಕ್ರಮ ಆಯೋಜಿಸಲಾಗಿದೆ. ಬೆಳಗ್ಗೆ 10 ಗಂಟೆಗೆ ಕಾರ್ಯಕ್ರಮ ಆರಂಭವಾಗಲಿದ್ದು, ಸ್ಥಳೀಯ ಕಲಾವಿದರು ಡಾ.ರಾಜ್ ಅವರ ಚಿತ್ರಗೀತೆಗಳನ್ನು ಹಾಡಲಿದ್ದಾರೆ ಎಂದು ಸಂಘಟಕರು ತಿಳಿಸಿದ್ದಾರೆ.
ವೈರಮುಡಯ್ಯ
ಹುಣಸೂರು, ಏ.22– ತಾಲೂಕಿನ ಬನ್ನಿಕುಪ್ಪೆ ಗ್ರಾಮದ ನಿವಾಸಿ ವೈರಮುಡಯ್ಯ (78) ಸೋಮವಾರ ರಾತ್ರಿ ನಿಧನರಾದರು. ಮೃತರು ಪತ್ನಿ, ಪುತ್ರ ಸೇರಿದಂತೆ ಅಪಾರ ಬಂಧುಬಳಗವನ್ನು ಅಗಲಿದ್ದಾರೆ. ಅಂತ್ಯಕ್ರಿಯೆ ಮಂಗಳವಾರ ಮಧ್ಯಾಹ್ನ ಸ್ವಗ್ರಾಮದ ಜಮೀನಿನಲ್ಲಿ ನೆರವೇರಿತು.
